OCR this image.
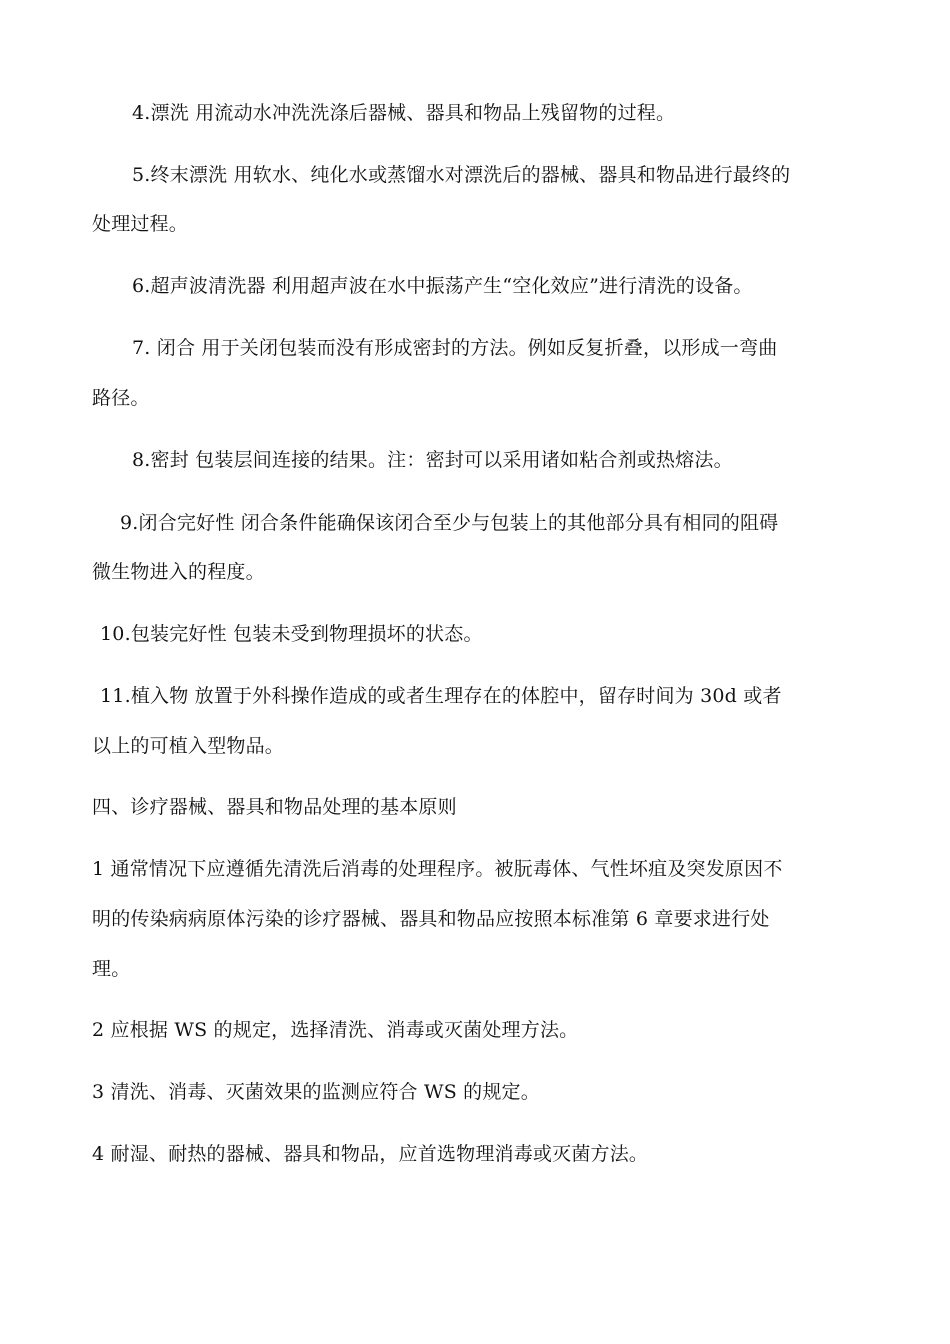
4.漂洗 用流动水冲洗洗涤后器械、器具和物品上残留物的过程。
5.终末漂洗 用软水、纯化水或蒸馏水对漂洗后的器械、器具和物品进行最终的
处理过程。
6.超声波清洗器 利用超声波在水中振荡产生“空化效应”进行清洗的设备。
7. 闭合 用于关闭包装而没有形成密封的方法。例如反复折叠，以形成一弯曲
路径。
8.密封 包装层间连接的结果。注：密封可以采用诸如粘合剂或热熔法。
9.闭合完好性 闭合条件能确保该闭合至少与包装上的其他部分具有相同的阻碍
微生物进入的程度。
10.包装完好性 包装未受到物理损坏的状态。
11.植入物 放置于外科操作造成的或者生理存在的体腔中，留存时间为 30d 或者
以上的可植入型物品。
四、诊疗器械、器具和物品处理的基本原则
1 通常情况下应遵循先清洗后消毒的处理程序。被朊毒体、气性坏疽及突发原因不
明的传染病病原体污染的诊疗器械、器具和物品应按照本标准第 6 章要求进行处
理。
2 应根据 WS 的规定，选择清洗、消毒或灭菌处理方法。
3 清洗、消毒、灭菌效果的监测应符合 WS 的规定。
4 耐湿、耐热的器械、器具和物品，应首选物理消毒或灭菌方法。
